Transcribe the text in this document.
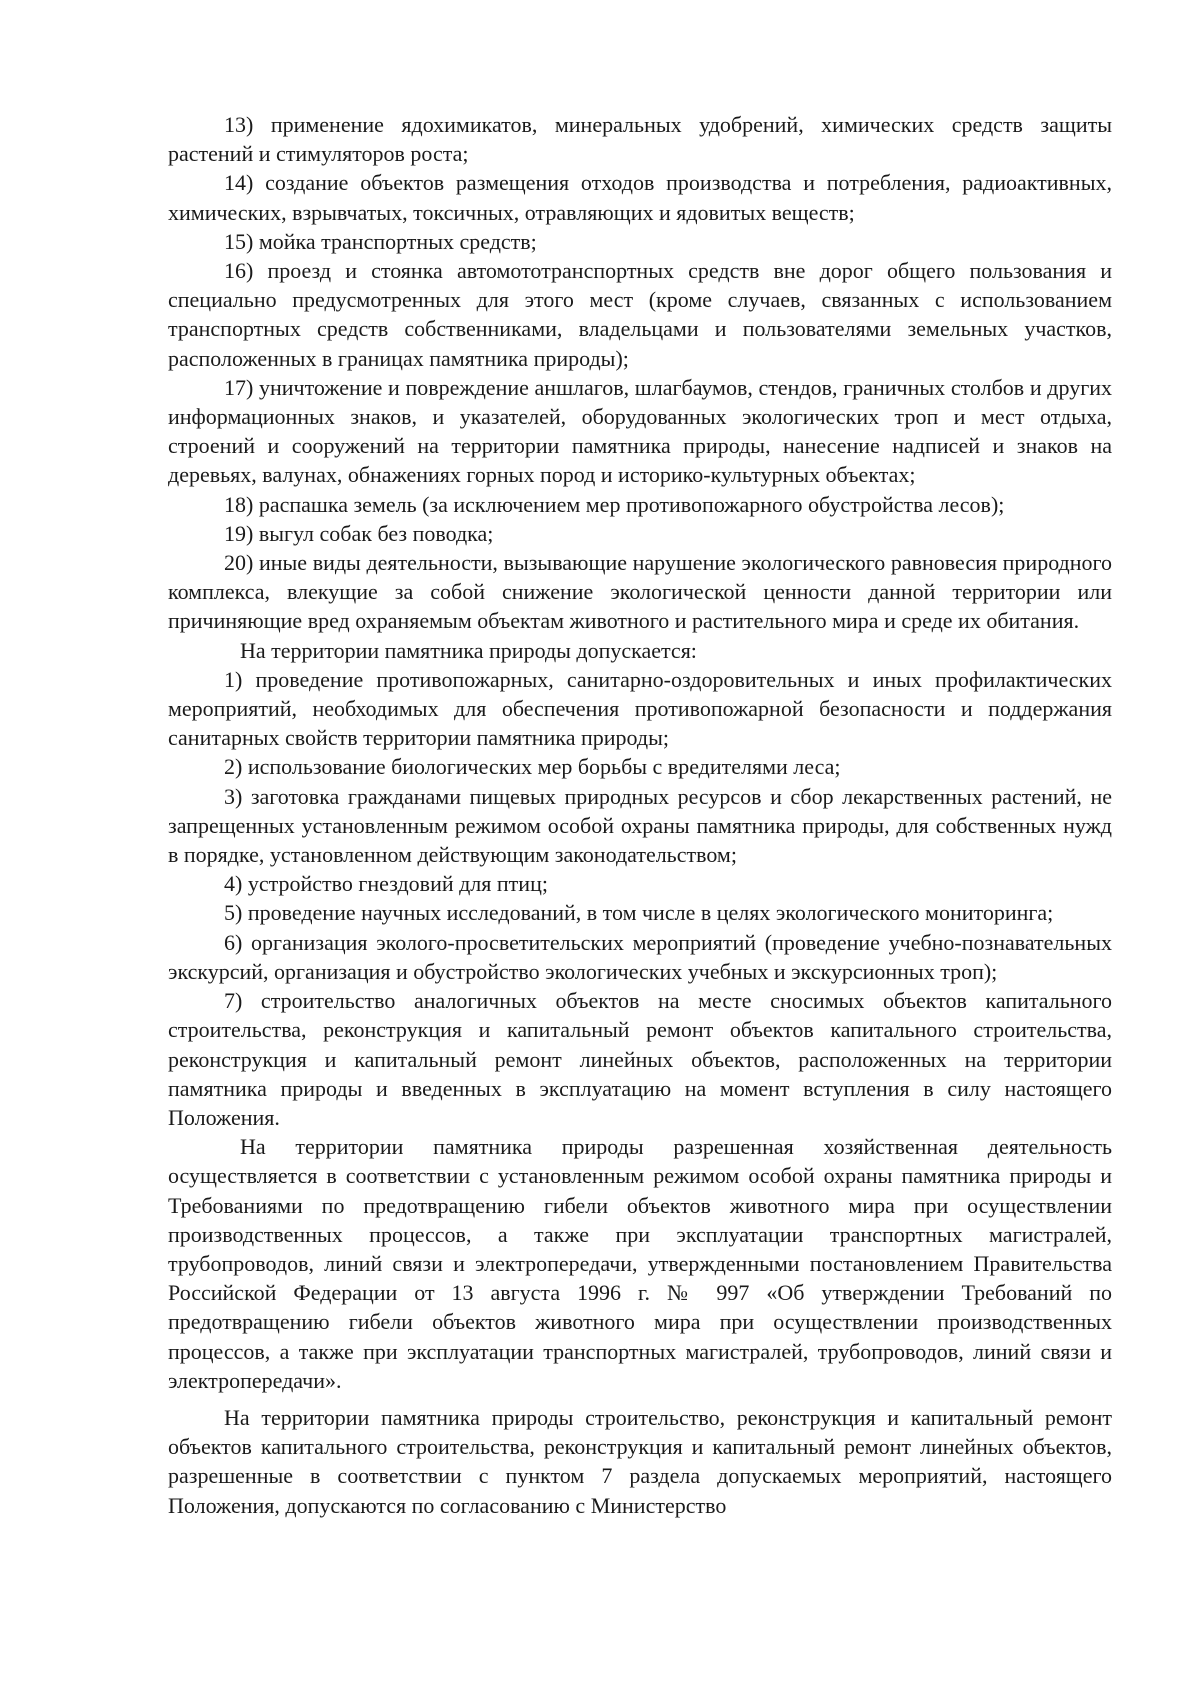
13) применение ядохимикатов, минеральных удобрений, химических средств защиты растений и стимуляторов роста;

14) создание объектов размещения отходов производства и потребления, радиоактивных, химических, взрывчатых, токсичных, отравляющих и ядовитых веществ;

15) мойка транспортных средств;

16) проезд и стоянка автомототранспортных средств вне дорог общего пользования и специально предусмотренных для этого мест (кроме случаев, связанных с использованием транспортных средств собственниками, владельцами и пользователями земельных участков, расположенных в границах памятника природы);

17) уничтожение и повреждение аншлагов, шлагбаумов, стендов, граничных столбов и других информационных знаков, и указателей, оборудованных экологических троп и мест отдыха, строений и сооружений на территории памятника природы, нанесение надписей и знаков на деревьях, валунах, обнажениях горных пород и историко-культурных объектах;

18) распашка земель (за исключением мер противопожарного обустройства лесов);

19) выгул собак без поводка;

20) иные виды деятельности, вызывающие нарушение экологического равновесия природного комплекса, влекущие за собой снижение экологической ценности данной территории или причиняющие вред охраняемым объектам животного и растительного мира и среде их обитания.

На территории памятника природы допускается:

1) проведение противопожарных, санитарно-оздоровительных и иных профилактических мероприятий, необходимых для обеспечения противопожарной безопасности и поддержания санитарных свойств территории памятника природы;

2) использование биологических мер борьбы с вредителями леса;

3) заготовка гражданами пищевых природных ресурсов и сбор лекарственных растений, не запрещенных установленным режимом особой охраны памятника природы, для собственных нужд в порядке, установленном действующим законодательством;

4) устройство гнездовий для птиц;

5) проведение научных исследований, в том числе в целях экологического мониторинга;

6) организация эколого-просветительских мероприятий (проведение учебно-познавательных экскурсий, организация и обустройство экологических учебных и экскурсионных троп);

7) строительство аналогичных объектов на месте сносимых объектов капитального строительства, реконструкция и капитальный ремонт объектов капитального строительства, реконструкция и капитальный ремонт линейных объектов, расположенных на территории памятника природы и введенных в эксплуатацию на момент вступления в силу настоящего Положения.

На территории памятника природы разрешенная хозяйственная деятельность осуществляется в соответствии с установленным режимом особой охраны памятника природы и Требованиями по предотвращению гибели объектов животного мира при осуществлении производственных процессов, а также при эксплуатации транспортных магистралей, трубопроводов, линий связи и электропередачи, утвержденными постановлением Правительства Российской Федерации от 13 августа 1996 г. № 997 «Об утверждении Требований по предотвращению гибели объектов животного мира при осуществлении производственных процессов, а также при эксплуатации транспортных магистралей, трубопроводов, линий связи и электропередачи».

На территории памятника природы строительство, реконструкция и капитальный ремонт объектов капитального строительства, реконструкция и капитальный ремонт линейных объектов, разрешенные в соответствии с пунктом 7 раздела допускаемых мероприятий, настоящего Положения, допускаются по согласованию с Министерство
